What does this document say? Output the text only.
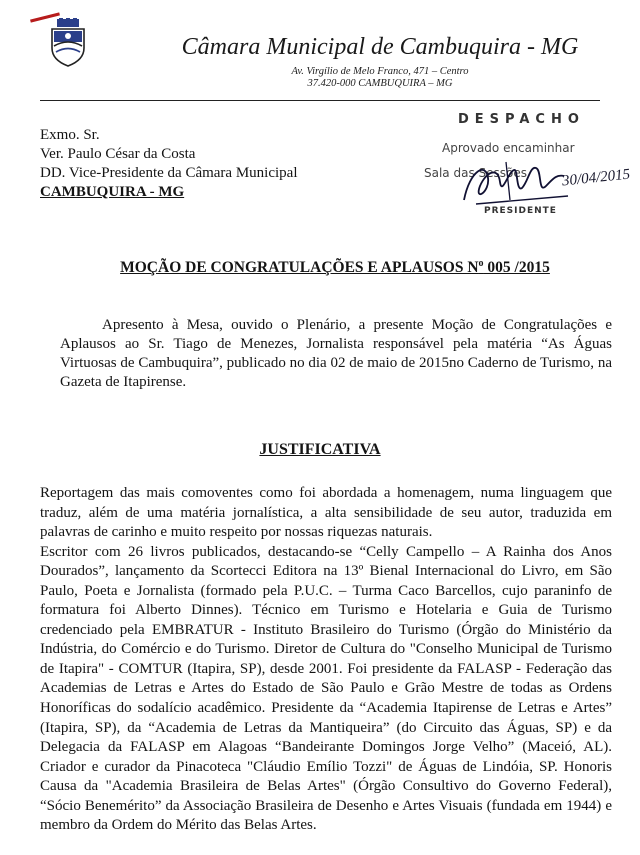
Câmara Municipal de Cambuquira - MG
Av. Virgílio de Melo Franco, 471 – Centro
37.420-000 CAMBUQUIRA – MG
Exmo. Sr.
Ver. Paulo César da Costa
DD. Vice-Presidente da Câmara Municipal
CAMBUQUIRA - MG
DESPACHO
Aprovado encaminhar
Sala das Sessões 30/04/2015
PRESIDENTE
MOÇÃO DE CONGRATULAÇÕES E APLAUSOS $N^o$ 005 /2015
Apresento à Mesa, ouvido o Plenário, a presente Moção de Congratulações e Aplausos ao Sr. Tiago de Menezes, Jornalista responsável pela matéria “As Águas Virtuosas de Cambuquira”, publicado no dia 02 de maio de 2015no Caderno de Turismo, na Gazeta de Itapirense.
JUSTIFICATIVA

Reportagem das mais comoventes como foi abordada a homenagem, numa linguagem que traduz, além de uma matéria jornalística, a alta sensibilidade de seu autor, traduzida em palavras de carinho e muito respeito por nossas riquezas naturais.

Escritor com 26 livros publicados, destacando-se “Celly Campello – A Rainha dos Anos Dourados”, lançamento da Scortecci Editora na 13º Bienal Internacional do Livro, em São Paulo, Poeta e Jornalista (formado pela P.U.C. – Turma Caco Barcellos, cujo paraninfo de formatura foi Alberto Dinnes). Técnico em Turismo e Hotelaria e Guia de Turismo credenciado pela EMBRATUR - Instituto Brasileiro do Turismo (Órgão do Ministério da Indústria, do Comércio e do Turismo. Diretor de Cultura do "Conselho Municipal de Turismo de Itapira" - COMTUR (Itapira, SP), desde 2001. Foi presidente da FALASP - Federação das Academias de Letras e Artes do Estado de São Paulo e Grão Mestre de todas as Ordens Honoríficas do sodalício acadêmico. Presidente da “Academia Itapirense de Letras e Artes” (Itapira, SP), da “Academia de Letras da Mantiqueira” (do Circuito das Águas, SP) e da Delegacia da FALASP em Alagoas “Bandeirante Domingos Jorge Velho” (Maceió, AL). Criador e curador da Pinacoteca "Cláudio Emílio Tozzi" de Águas de Lindóia, SP. Honoris Causa da "Academia Brasileira de Belas Artes" (Órgão Consultivo do Governo Federal), “Sócio Benemérito” da Associação Brasileira de Desenho e Artes Visuais (fundada em 1944) e membro da Ordem do Mérito das Belas Artes.
